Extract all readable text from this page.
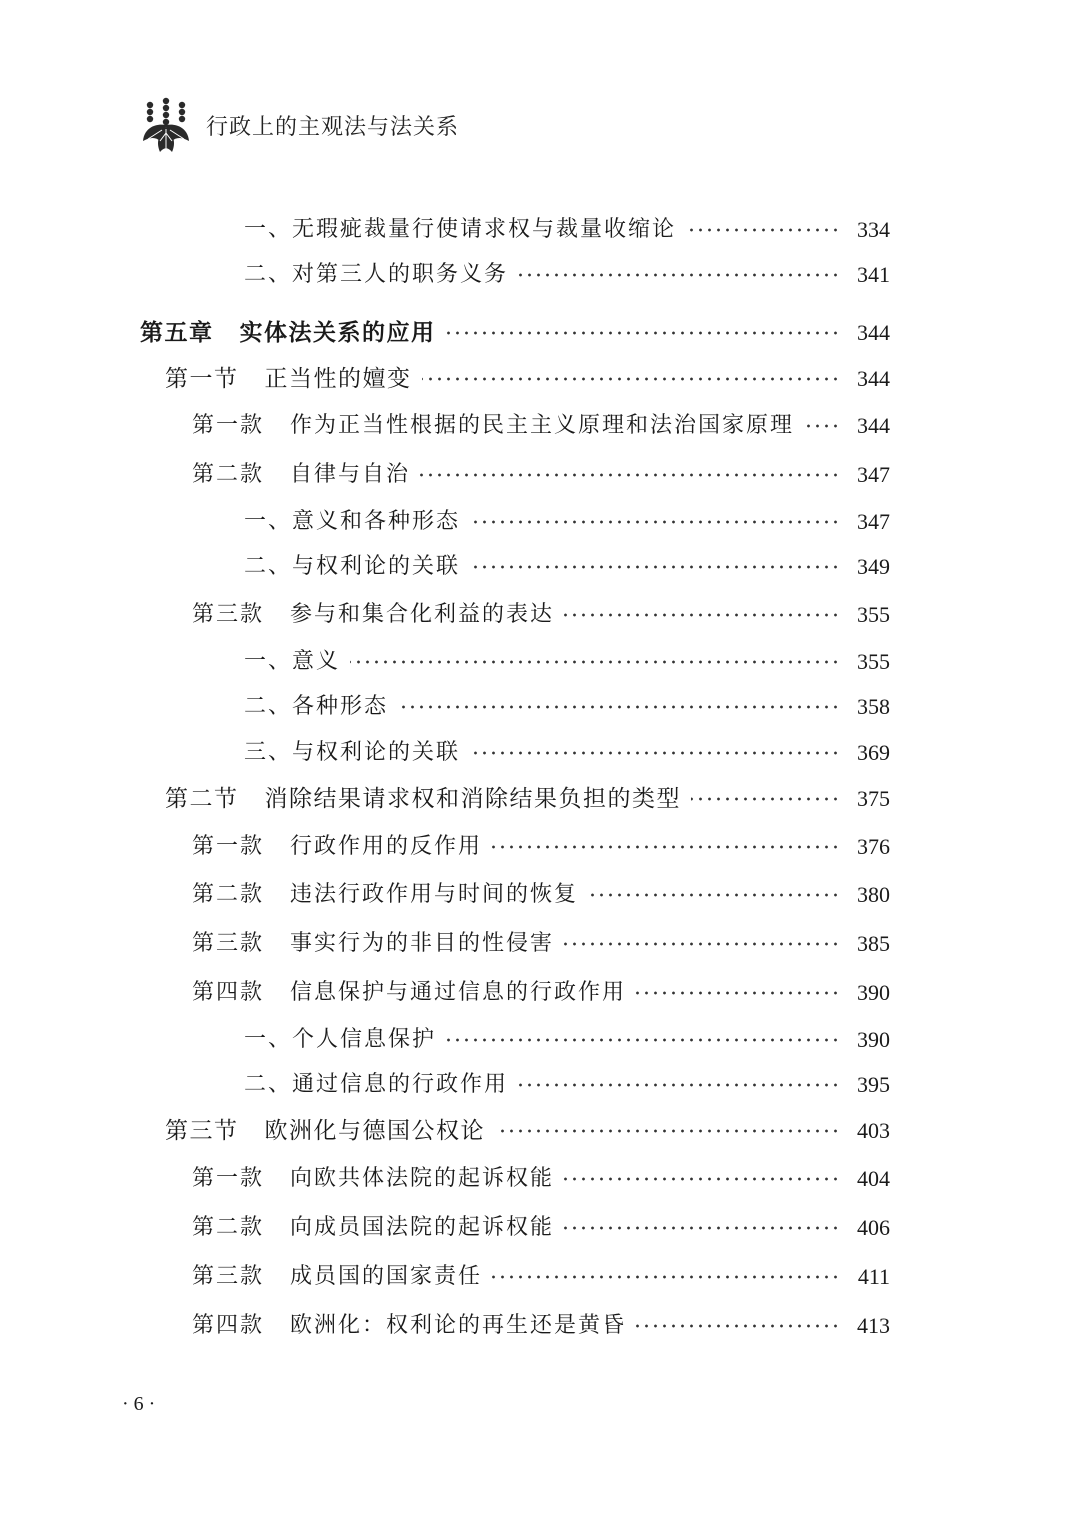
行政上的主观法与法关系
一、无瑕疵裁量行使请求权与裁量收缩论	334
二、对第三人的职务义务	341
第五章 实体法关系的应用	344
第一节 正当性的嬗变	344
第一款 作为正当性根据的民主主义原理和法治国家原理	344
第二款 自律与自治	347
一、意义和各种形态	347
二、与权利论的关联	349
第三款 参与和集合化利益的表达	355
一、意义	355
二、各种形态	358
三、与权利论的关联	369
第二节 消除结果请求权和消除结果负担的类型	375
第一款 行政作用的反作用	376
第二款 违法行政作用与时间的恢复	380
第三款 事实行为的非目的性侵害	385
第四款 信息保护与通过信息的行政作用	390
一、个人信息保护	390
二、通过信息的行政作用	395
第三节 欧洲化与德国公权论	403
第一款 向欧共体法院的起诉权能	404
第二款 向成员国法院的起诉权能	406
第三款 成员国的国家责任	411
第四款 欧洲化：权利论的再生还是黄昏	413
· 6 ·
